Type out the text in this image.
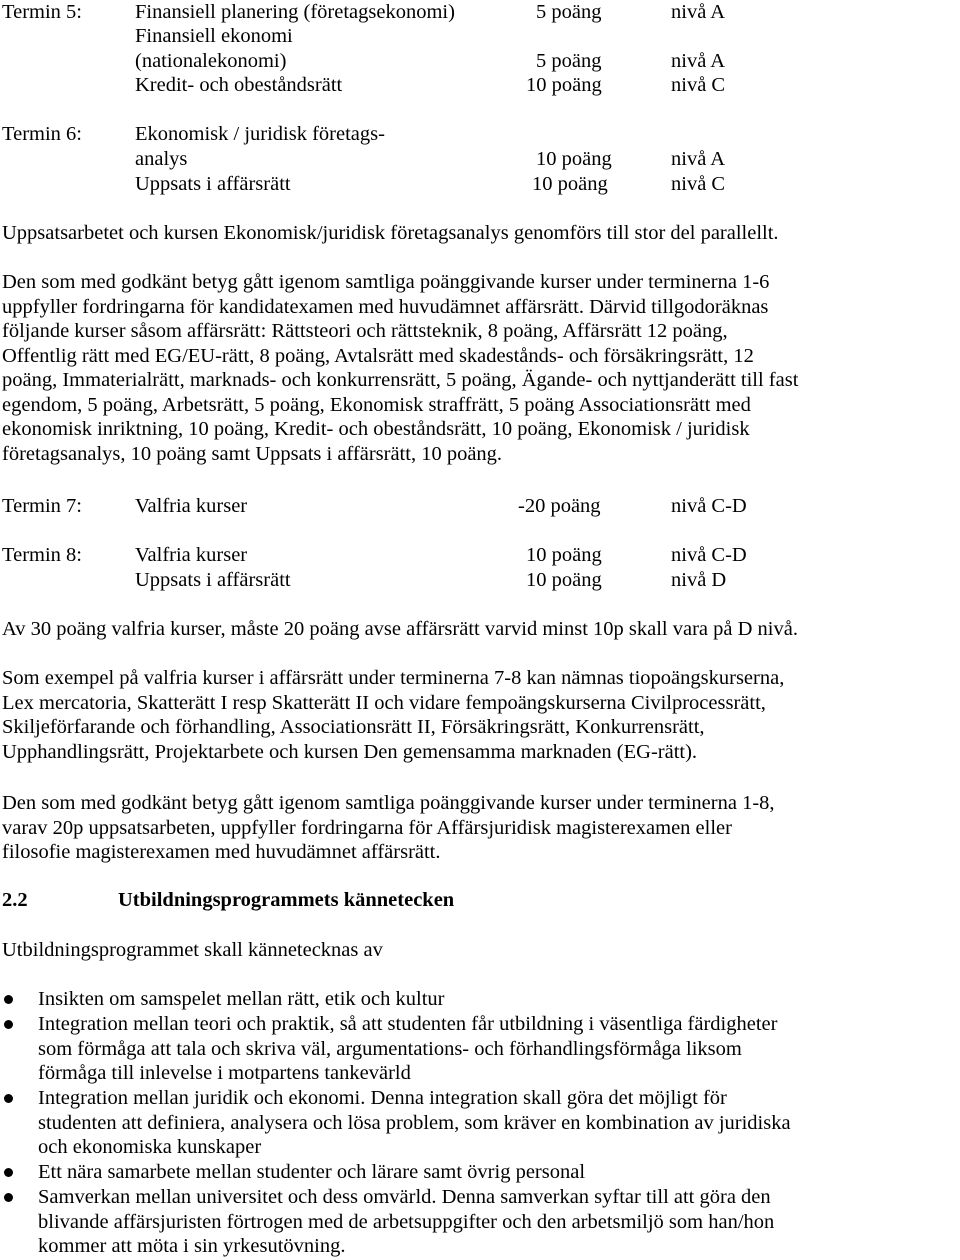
Termin 5:	Finansiell planering (företagsekonomi)	5 poäng	nivå A
Finansiell ekonomi
(nationalekonomi)	5 poäng	nivå A
Kredit- och obeståndsrätt	10 poäng	nivå C
Termin 6:	Ekonomisk / juridisk företags-
analys	10 poäng	nivå A
Uppsats i affärsrätt	10 poäng	nivå C
Uppsatsarbetet och kursen Ekonomisk/juridisk företagsanalys genomförs till stor del parallellt.
Den som med godkänt betyg gått igenom samtliga poänggivande kurser under terminerna 1-6
uppfyller fordringarna för kandidatexamen med huvudämnet affärsrätt. Därvid tillgodoräknas
följande kurser såsom affärsrätt: Rättsteori och rättsteknik, 8 poäng, Affärsrätt 12 poäng,
Offentlig rätt med EG/EU-rätt, 8 poäng, Avtalsrätt med skadestånds- och försäkringsrätt, 12
poäng, Immaterialrätt, marknads- och konkurrensrätt, 5 poäng, Ägande- och nyttjanderätt till fast
egendom, 5 poäng, Arbetsrätt, 5 poäng, Ekonomisk straffrätt, 5 poäng Associationsrätt med
ekonomisk inriktning, 10 poäng, Kredit- och obeståndsrätt, 10 poäng, Ekonomisk / juridisk
företagsanalys, 10 poäng samt Uppsats i affärsrätt, 10 poäng.
Termin 7:	Valfria kurser	-20 poäng	nivå C-D
Termin 8:	Valfria kurser	10 poäng	nivå C-D
Uppsats i affärsrätt	10 poäng	nivå D
Av 30 poäng valfria kurser, måste 20 poäng avse affärsrätt varvid minst 10p skall vara på D nivå.
Som exempel på valfria kurser i affärsrätt under terminerna 7-8 kan nämnas tiopoängskurserna,
Lex mercatoria, Skatterätt I resp Skatterätt II och vidare fempoängskurserna Civilprocessrätt,
Skiljeförfarande och förhandling, Associationsrätt II, Försäkringsrätt, Konkurrensrätt,
Upphandlingsrätt, Projektarbete och kursen Den gemensamma marknaden (EG-rätt).
Den som med godkänt betyg gått igenom samtliga poänggivande kurser under terminerna 1-8,
varav 20p uppsatsarbeten, uppfyller fordringarna för Affärsjuridisk magisterexamen eller
filosofie magisterexamen med huvudämnet affärsrätt.
2.2	Utbildningsprogrammets kännetecken
Utbildningsprogrammet skall kännetecknas av
Insikten om samspelet mellan rätt, etik och kultur
Integration mellan teori och praktik, så att studenten får utbildning i väsentliga färdigheter
som förmåga att tala och skriva väl, argumentations- och förhandlingsförmåga liksom
förmåga till inlevelse i motpartens tankevärld
Integration mellan juridik och ekonomi. Denna integration skall göra det möjligt för
studenten att definiera, analysera och lösa problem, som kräver en kombination av juridiska
och ekonomiska kunskaper
Ett nära samarbete mellan studenter och lärare samt övrig personal
Samverkan mellan universitet och dess omvärld. Denna samverkan syftar till att göra den
blivande affärsjuristen förtrogen med de arbetsuppgifter och den arbetsmiljö som han/hon
kommer att möta i sin yrkesutövning.
